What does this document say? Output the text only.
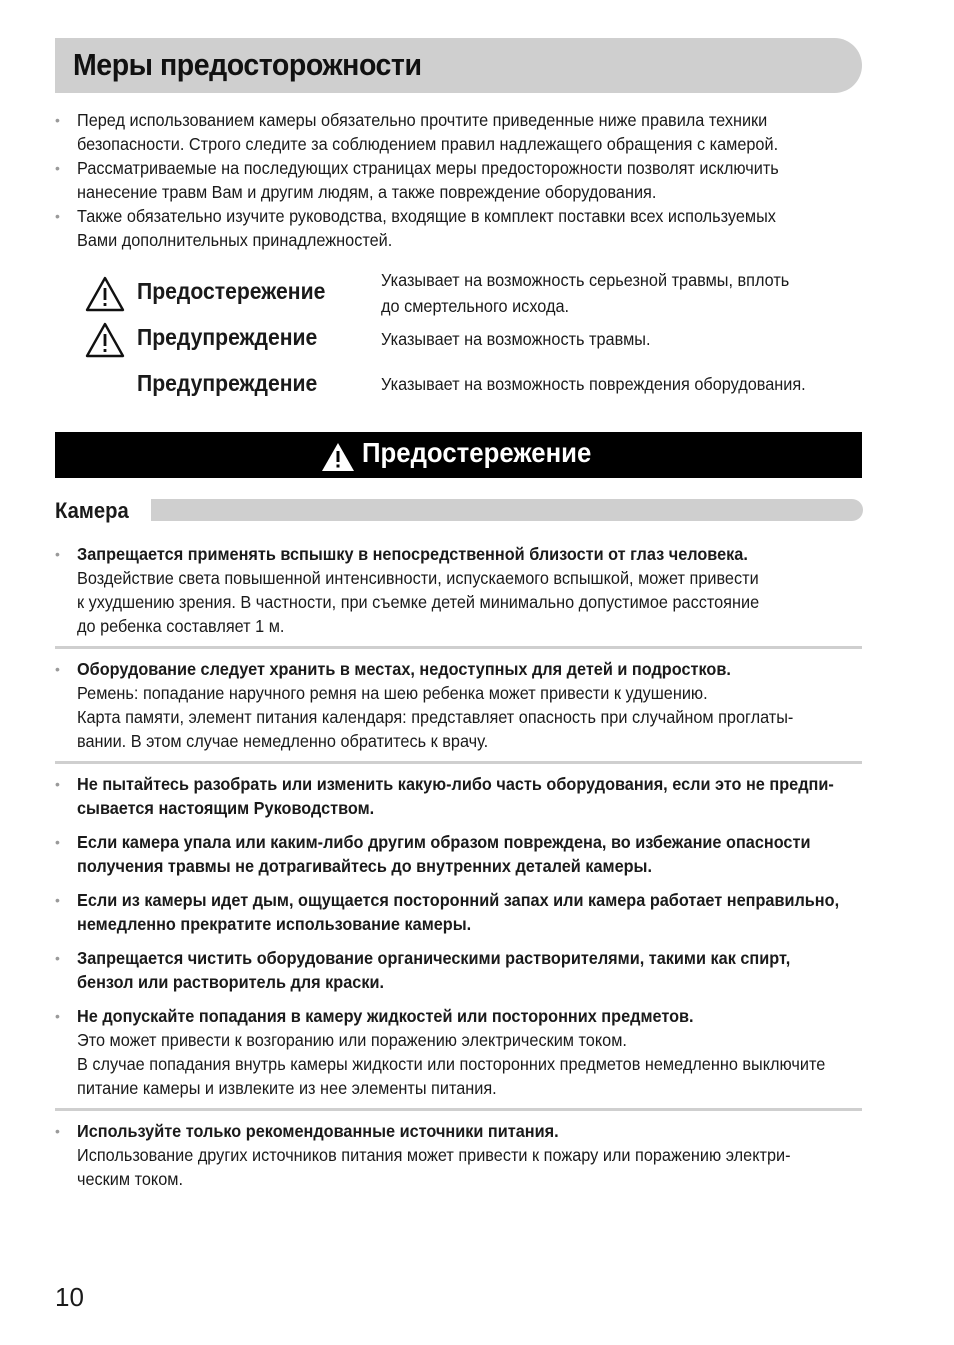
Меры предосторожности
• Перед использованием камеры обязательно прочтите приведенные ниже правила техники
безопасности. Строго следите за соблюдением правил надлежащего обращения с камерой.
• Рассматриваемые на последующих страницах меры предосторожности позволят исключить
нанесение травм Вам и другим людям, а также повреждение оборудования.
• Также обязательно изучите руководства, входящие в комплект поставки всех используемых
Вами дополнительных принадлежностей.
Предостережение	Указывает на возможность серьезной травмы, вплоть
до смертельного исхода.
Предупреждение	Указывает на возможность травмы.
Предупреждение	Указывает на возможность повреждения оборудования.
Предостережение
Камера
• Запрещается применять вспышку в непосредственной близости от глаз человека.
Воздействие света повышенной интенсивности, испускаемого вспышкой, может привести
к ухудшению зрения. В частности, при съемке детей минимально допустимое расстояние
до ребенка составляет 1 м.
• Оборудование следует хранить в местах, недоступных для детей и подростков.
Ремень: попадание наручного ремня на шею ребенка может привести к удушению.
Карта памяти, элемент питания календаря: представляет опасность при случайном проглаты-
вании. В этом случае немедленно обратитесь к врачу.
• Не пытайтесь разобрать или изменить какую-либо часть оборудования, если это не предпи-
сывается настоящим Руководством.
• Если камера упала или каким-либо другим образом повреждена, во избежание опасности
получения травмы не дотрагивайтесь до внутренних деталей камеры.
• Если из камеры идет дым, ощущается посторонний запах или камера работает неправильно,
немедленно прекратите использование камеры.
• Запрещается чистить оборудование органическими растворителями, такими как спирт,
бензол или растворитель для краски.
• Не допускайте попадания в камеру жидкостей или посторонних предметов.
Это может привести к возгоранию или поражению электрическим током.
В случае попадания внутрь камеры жидкости или посторонних предметов немедленно выключите
питание камеры и извлеките из нее элементы питания.
• Используйте только рекомендованные источники питания.
Использование других источников питания может привести к пожару или поражению электри-
ческим током.
10
